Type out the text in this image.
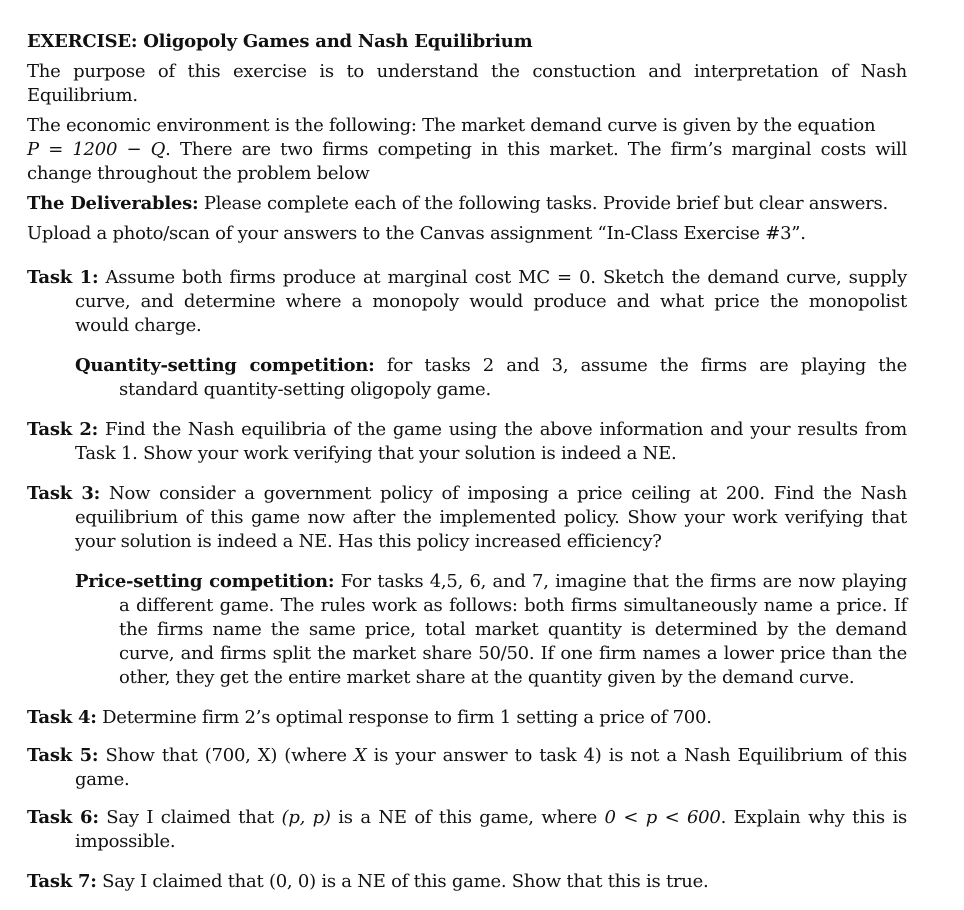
EXERCISE: Oligopoly Games and Nash Equilibrium

The purpose of this exercise is to understand the constuction and interpretation of Nash Equilibrium.

The economic environment is the following: The market demand curve is given by the equation
P = 1200 − Q. There are two firms competing in this market. The firm’s marginal costs will change throughout the problem below

The Deliverables: Please complete each of the following tasks. Provide brief but clear answers.

Upload a photo/scan of your answers to the Canvas assignment “In-Class Exercise #3”.

Task 1: Assume both firms produce at marginal cost MC = 0. Sketch the demand curve, supply curve, and determine where a monopoly would produce and what price the monopolist would charge.

Quantity-setting competition: for tasks 2 and 3, assume the firms are playing the standard quantity-setting oligopoly game.

Task 2: Find the Nash equilibria of the game using the above information and your results from Task 1. Show your work verifying that your solution is indeed a NE.

Task 3: Now consider a government policy of imposing a price ceiling at 200. Find the Nash equilibrium of this game now after the implemented policy. Show your work verifying that your solution is indeed a NE. Has this policy increased efficiency?

Price-setting competition: For tasks 4,5, 6, and 7, imagine that the firms are now playing a different game. The rules work as follows: both firms simultaneously name a price. If the firms name the same price, total market quantity is determined by the demand curve, and firms split the market share 50/50. If one firm names a lower price than the other, they get the entire market share at the quantity given by the demand curve.

Task 4: Determine firm 2’s optimal response to firm 1 setting a price of 700.

Task 5: Show that (700, X) (where X is your answer to task 4) is not a Nash Equilibrium of this game.

Task 6: Say I claimed that (p, p) is a NE of this game, where 0 < p < 600. Explain why this is impossible.

Task 7: Say I claimed that (0, 0) is a NE of this game. Show that this is true.
